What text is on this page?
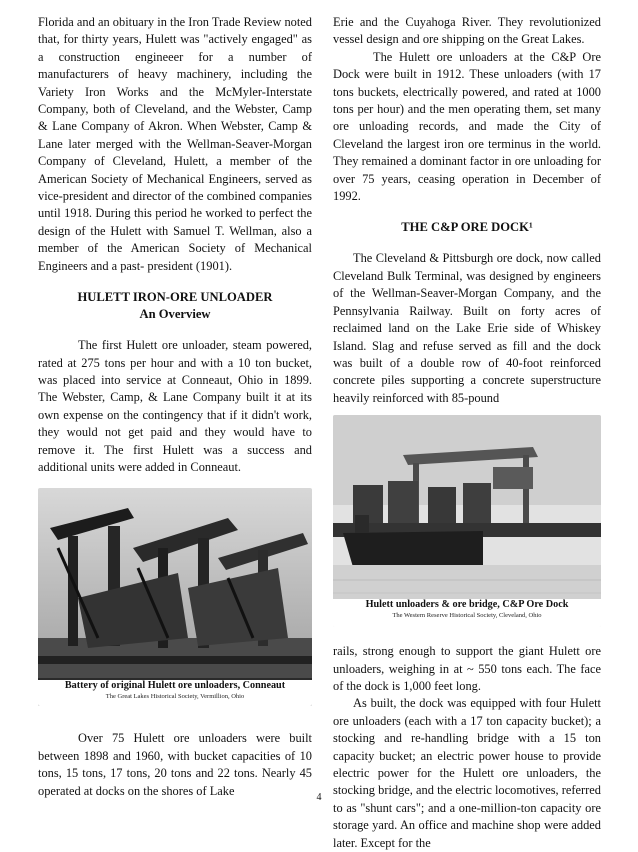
Florida and an obituary in the Iron Trade Review noted that, for thirty years, Hulett was "actively engaged" as a construction engineeer for a number of manufacturers of heavy machinery, including the Variety Iron Works and the McMyler-Interstate Company, both of Cleveland, and the Webster, Camp & Lane Company of Akron. When Webster, Camp & Lane later merged with the Wellman-Seaver-Morgan Company of Cleveland, Hulett, a member of the American Society of Mechanical Engineers, served as vice-president and director of the combined companies until 1918. During this period he worked to perfect the design of the Hulett with Samuel T. Wellman, also a member of the American Society of Mechanical Engineers and a past- president (1901).

HULETT IRON-ORE UNLOADER
An Overview

The first Hulett ore unloader, steam powered, rated at 275 tons per hour and with a 10 ton bucket, was placed into service at Conneaut, Ohio in 1899. The Webster, Camp, & Lane Company built it at its own expense on the contingency that if it didn't work, they would not get paid and they would have to remove it. The first Hulett was a success and additional units were added in Conneaut.

Battery of original Hulett ore unloaders, Conneaut
The Great Lakes Historical Society, Vermillion, Ohio

Over 75 Hulett ore unloaders were built between 1898 and 1960, with bucket capacities of 10 tons, 15 tons, 17 tons, 20 tons and 22 tons. Nearly 45 operated at docks on the shores of Lake

Erie and the Cuyahoga River. They revolutionized vessel design and ore shipping on the Great Lakes.

The Hulett ore unloaders at the C&P Ore Dock were built in 1912. These unloaders (with 17 tons buckets, electrically powered, and rated at 1000 tons per hour) and the men operating them, set many ore unloading records, and made the City of Cleveland the largest iron ore terminus in the world. They remained a dominant factor in ore unloading for over 75 years, ceasing operation in December of 1992.

THE C&P ORE DOCK¹

The Cleveland & Pittsburgh ore dock, now called Cleveland Bulk Terminal, was designed by engineers of the Wellman-Seaver-Morgan Company, and the Pennsylvania Railway. Built on forty acres of reclaimed land on the Lake Erie side of Whiskey Island. Slag and refuse served as fill and the dock was built of a double row of 40-foot reinforced concrete piles supporting a concrete superstructure heavily reinforced with 85-pound

Hulett unloaders & ore bridge, C&P Ore Dock
The Western Reserve Historical Society, Cleveland, Ohio

rails, strong enough to support the giant Hulett ore unloaders, weighing in at ~ 550 tons each. The face of the dock is 1,000 feet long.

As built, the dock was equipped with four Hulett ore unloaders (each with a 17 ton capacity bucket); a stocking and re-handling bridge with a 15 ton capacity bucket; an electric power house to provide electric power for the Hulett ore unloaders, the stocking bridge, and the electric locomotives, referred to as "shunt cars"; and a one-million-ton capacity ore storage yard. An office and machine shop were added later. Except for the

4
